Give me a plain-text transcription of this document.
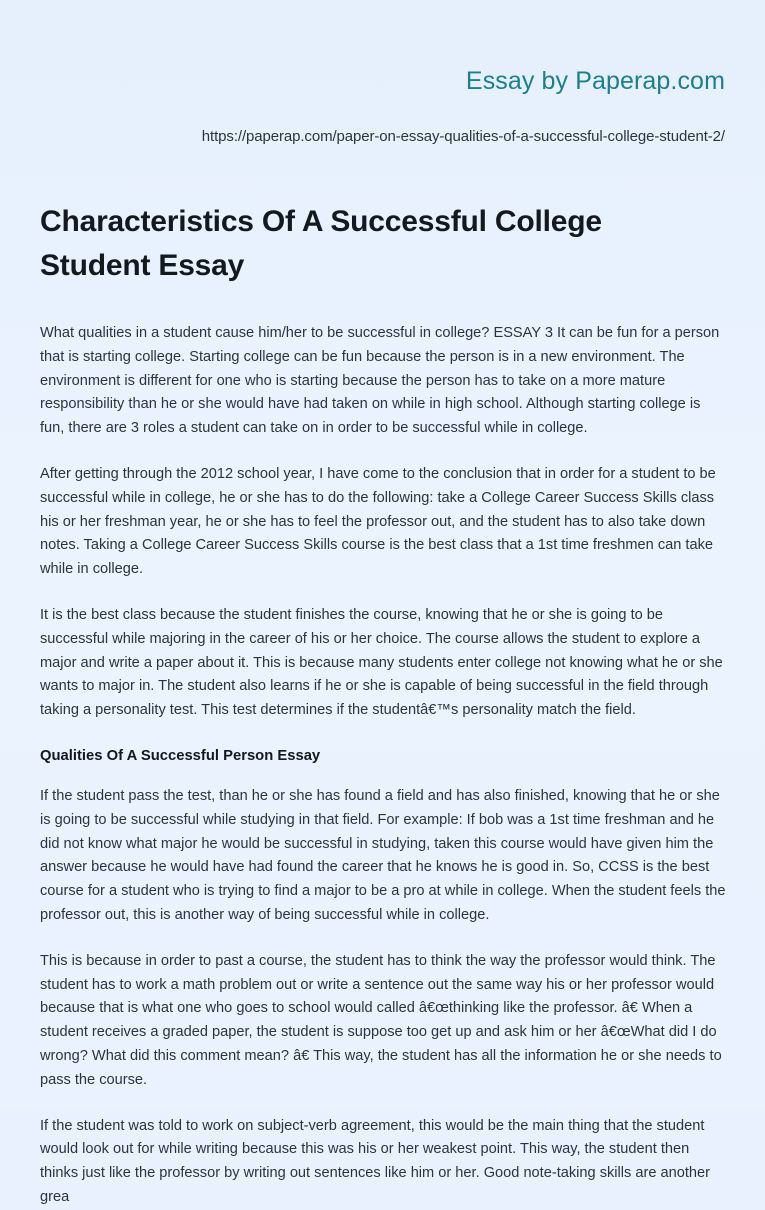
Essay by Paperap.com
https://paperap.com/paper-on-essay-qualities-of-a-successful-college-student-2/
Characteristics Of A Successful College Student Essay

What qualities in a student cause him/her to be successful in college? ESSAY 3 It can be fun for a person that is starting college. Starting college can be fun because the person is in a new environment. The environment is different for one who is starting because the person has to take on a more mature responsibility than he or she would have had taken on while in high school. Although starting college is fun, there are 3 roles a student can take on in order to be successful while in college.

After getting through the 2012 school year, I have come to the conclusion that in order for a student to be successful while in college, he or she has to do the following: take a College Career Success Skills class his or her freshman year, he or she has to feel the professor out, and the student has to also take down notes. Taking a College Career Success Skills course is the best class that a 1st time freshmen can take while in college.

It is the best class because the student finishes the course, knowing that he or she is going to be successful while majoring in the career of his or her choice. The course allows the student to explore a major and write a paper about it. This is because many students enter college not knowing what he or she wants to major in. The student also learns if he or she is capable of being successful in the field through taking a personality test. This test determines if the studentâ€™s personality match the field.

Qualities Of A Successful Person Essay

If the student pass the test, than he or she has found a field and has also finished, knowing that he or she is going to be successful while studying in that field. For example: If bob was a 1st time freshman and he did not know what major he would be successful in studying, taken this course would have given him the answer because he would have had found the career that he knows he is good in. So, CCSS is the best course for a student who is trying to find a major to be a pro at while in college. When the student feels the professor out, this is another way of being successful while in college.

This is because in order to past a course, the student has to think the way the professor would think. The student has to work a math problem out or write a sentence out the same way his or her professor would because that is what one who goes to school would called â€œthinking like the professor. â€ When a student receives a graded paper, the student is suppose too get up and ask him or her â€œWhat did I do wrong? What did this comment mean? â€ This way, the student has all the information he or she needs to pass the course.

If the student was told to work on subject-verb agreement, this would be the main thing that the student would look out for while writing because this was his or her weakest point. This way, the student then thinks just like the professor by writing out sentences like him or her. Good note-taking skills are another grea
